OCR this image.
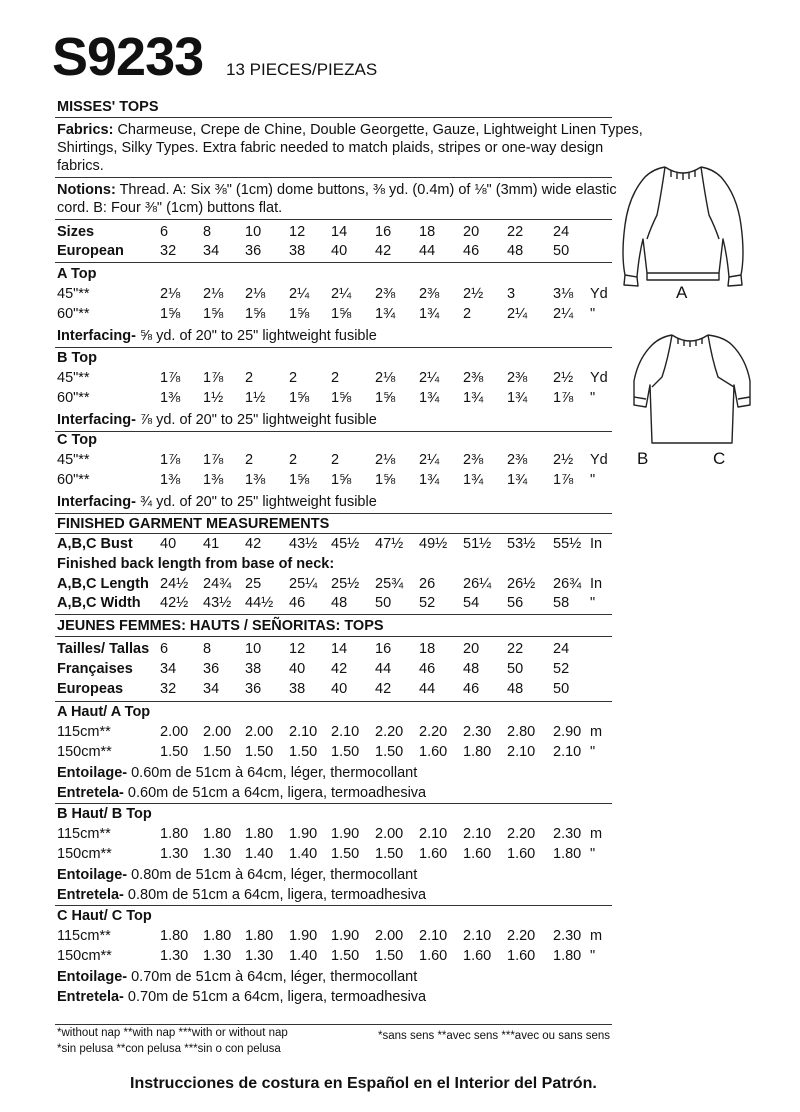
S9233 13 PIECES/PIEZAS
MISSES' TOPS
Fabrics: Charmeuse, Crepe de Chine, Double Georgette, Gauze, Lightweight Linen Types,
Shirtings, Silky Types. Extra fabric needed to match plaids, stripes or one-way design
fabrics.
Notions: Thread. A: Six ⅜" (1cm) dome buttons, ⅜ yd. (0.4m) of ⅛" (3mm) wide elastic
cord. B: Four ⅜" (1cm) buttons flat.
Sizes	6 8 10 12 14 16 18 20 22 24
European 32 34 36 38 40 42 44 46 48 50
A Top
45"**	2⅛ 2⅛ 2⅛ 2¼ 2¼ 2⅜ 2⅜ 2½ 3	3⅛ Yd
60"**	1⅝ 1⅝ 1⅝ 1⅝ 1⅝ 1¾ 1¾ 2 2¼ 2¼ "
Interfacing- ⅝ yd. of 20" to 25" lightweight fusible
B Top
45"**	1⅞ 1⅞ 2 2 2 2⅛ 2¼ 2⅜ 2⅜ 2½ Yd
60"**	1⅜ 1½ 1½ 1⅝ 1⅝ 1⅝ 1¾ 1¾ 1¾ 1⅞ "
Interfacing- ⅞ yd. of 20" to 25" lightweight fusible
C Top
45"**	1⅞ 1⅞ 2 2 2 2⅛ 2¼ 2⅜ 2⅜ 2½ Yd
60"**	1⅜ 1⅜ 1⅜ 1⅝ 1⅝ 1⅝ 1¾ 1¾ 1¾ 1⅞ "
Interfacing- ¾ yd. of 20" to 25" lightweight fusible
FINISHED GARMENT MEASUREMENTS
A,B,C Bust 40 41 42 43½ 45½ 47½ 49½ 51½ 53½ 55½ In
Finished back length from base of neck:
A,B,C Length 24½ 24¾ 25 25¼ 25½ 25¾ 26 26¼ 26½ 26¾ In
A,B,C Width 42½ 43½ 44½ 46 48 50 52 54 56 58 "
JEUNES FEMMES: HAUTS / SEÑORITAS: TOPS
Tailles/ Tallas 6 8 10 12 14 16 18 20 22 24
Françaises 34 36 38 40 42 44 46 48 50 52
Europeas	32 34 36 38 40 42 44 46 48 50
A Haut/ A Top
115cm**	2.00 2.00 2.00 2.10 2.10 2.20 2.20 2.30 2.80 2.90 m
150cm**	1.50 1.50 1.50 1.50 1.50 1.50 1.60 1.80 2.10 2.10 "
Entoilage- 0.60m de 51cm à 64cm, léger, thermocollant
Entretela- 0.60m de 51cm a 64cm, ligera, termoadhesiva
B Haut/ B Top
115cm**	1.80 1.80 1.80 1.90 1.90 2.00 2.10 2.10 2.20 2.30 m
150cm**	1.30 1.30 1.40 1.40 1.50 1.50 1.60 1.60 1.60 1.80 "
Entoilage- 0.80m de 51cm à 64cm, léger, thermocollant
Entretela- 0.80m de 51cm a 64cm, ligera, termoadhesiva
C Haut/ C Top
115cm**	1.80 1.80 1.80 1.90 1.90 2.00 2.10 2.10 2.20 2.30 m
150cm**	1.30 1.30 1.30 1.40 1.50 1.50 1.60 1.60 1.60 1.80 "
Entoilage- 0.70m de 51cm à 64cm, léger, thermocollant
Entretela- 0.70m de 51cm a 64cm, ligera, termoadhesiva
A
B	C
*without nap **with nap ***with or without nap
*sin pelusa **con pelusa ***sin o con pelusa
*sans sens **avec sens ***avec ou sans sens
Instrucciones de costura en Español en el Interior del Patrón.
